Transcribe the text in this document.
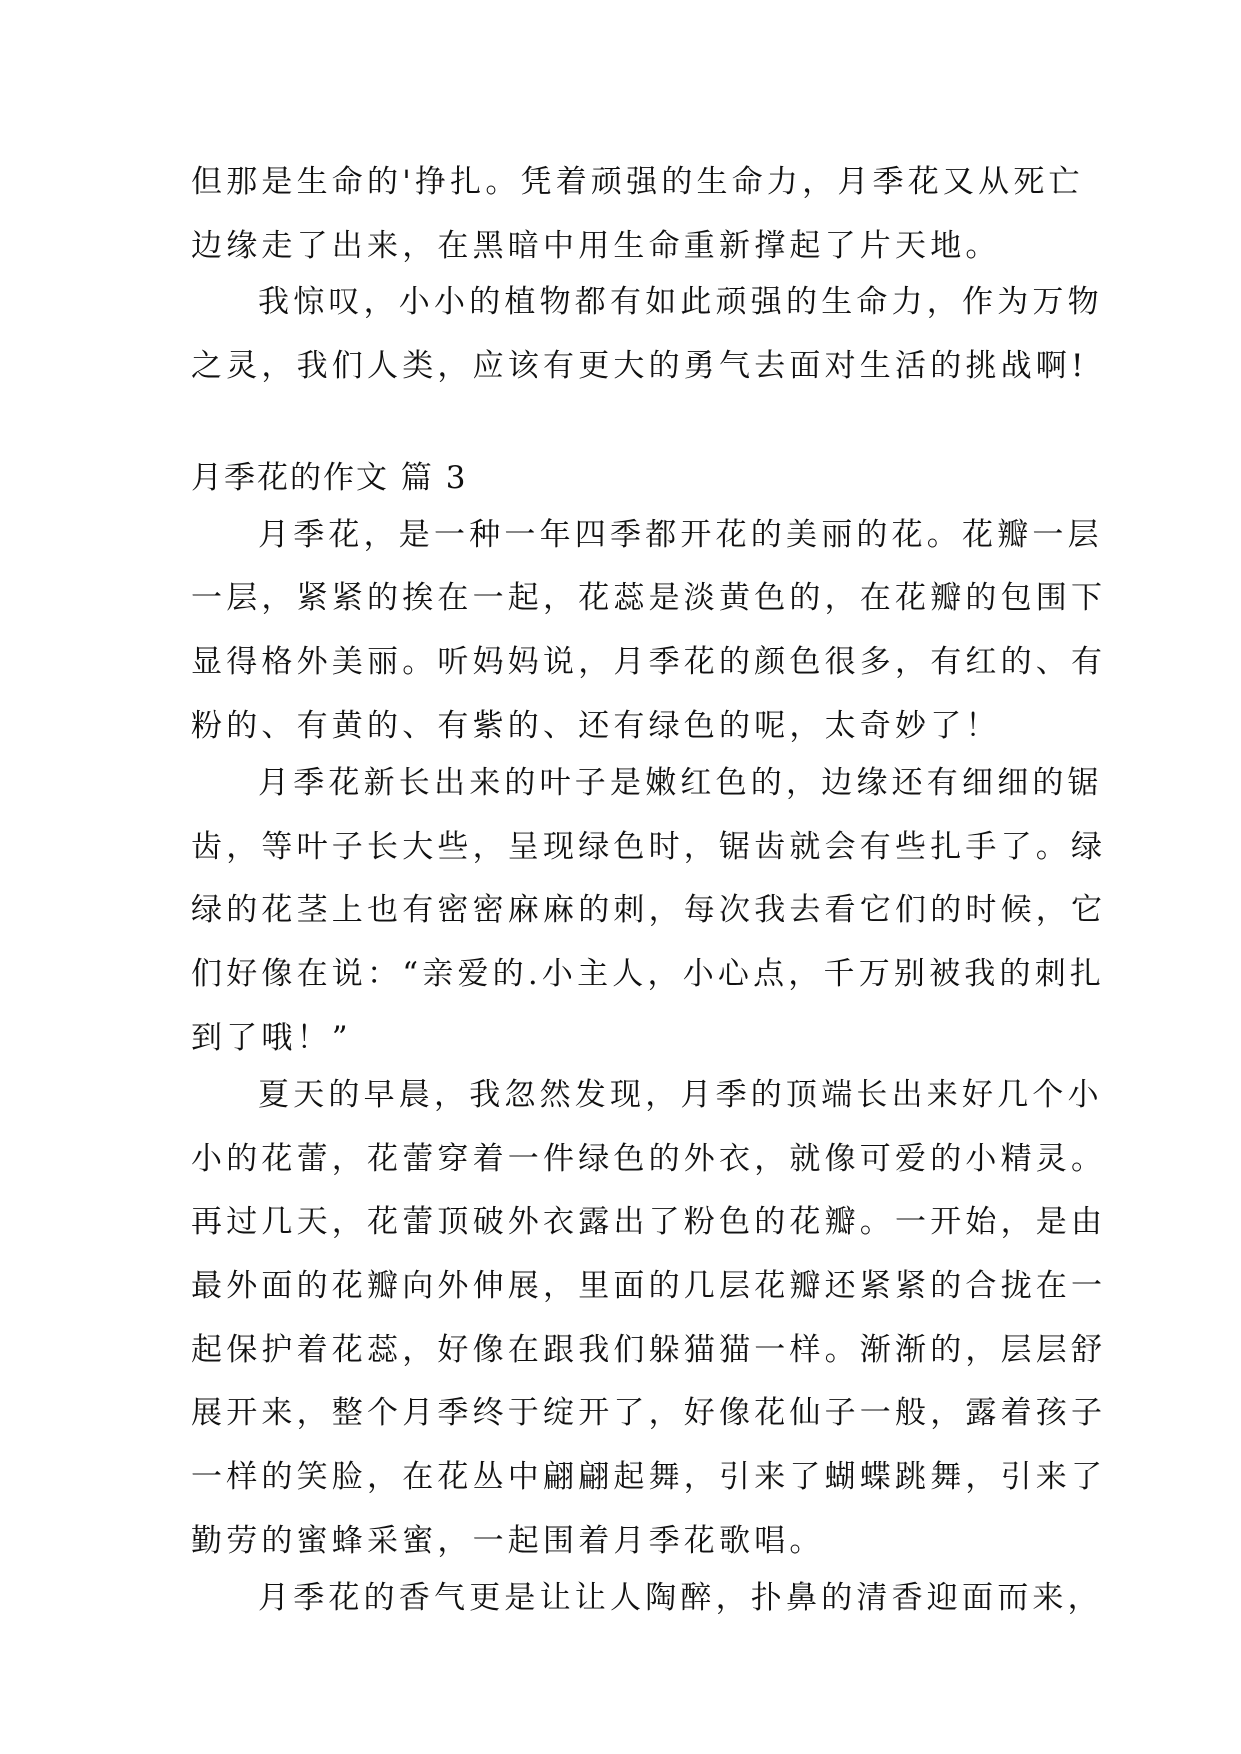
但那是生命的'挣扎。凭着顽强的生命力，月季花又从死亡
边缘走了出来，在黑暗中用生命重新撑起了片天地。
我惊叹，小小的植物都有如此顽强的生命力，作为万物
之灵，我们人类，应该有更大的勇气去面对生活的挑战啊!
月季花的作文 篇 3
月季花，是一种一年四季都开花的美丽的花。花瓣一层
一层，紧紧的挨在一起，花蕊是淡黄色的，在花瓣的包围下
显得格外美丽。听妈妈说，月季花的颜色很多，有红的、有
粉的、有黄的、有紫的、还有绿色的呢，太奇妙了！
月季花新长出来的叶子是嫩红色的，边缘还有细细的锯
齿，等叶子长大些，呈现绿色时，锯齿就会有些扎手了。绿
绿的花茎上也有密密麻麻的刺，每次我去看它们的时候，它
们好像在说：“亲爱的.小主人，小心点，千万别被我的刺扎
到了哦！”
夏天的早晨，我忽然发现，月季的顶端长出来好几个小
小的花蕾，花蕾穿着一件绿色的外衣，就像可爱的小精灵。
再过几天，花蕾顶破外衣露出了粉色的花瓣。一开始，是由
最外面的花瓣向外伸展，里面的几层花瓣还紧紧的合拢在一
起保护着花蕊，好像在跟我们躲猫猫一样。渐渐的，层层舒
展开来，整个月季终于绽开了，好像花仙子一般，露着孩子
一样的笑脸，在花丛中翩翩起舞，引来了蝴蝶跳舞，引来了
勤劳的蜜蜂采蜜，一起围着月季花歌唱。
月季花的香气更是让让人陶醉，扑鼻的清香迎面而来，
